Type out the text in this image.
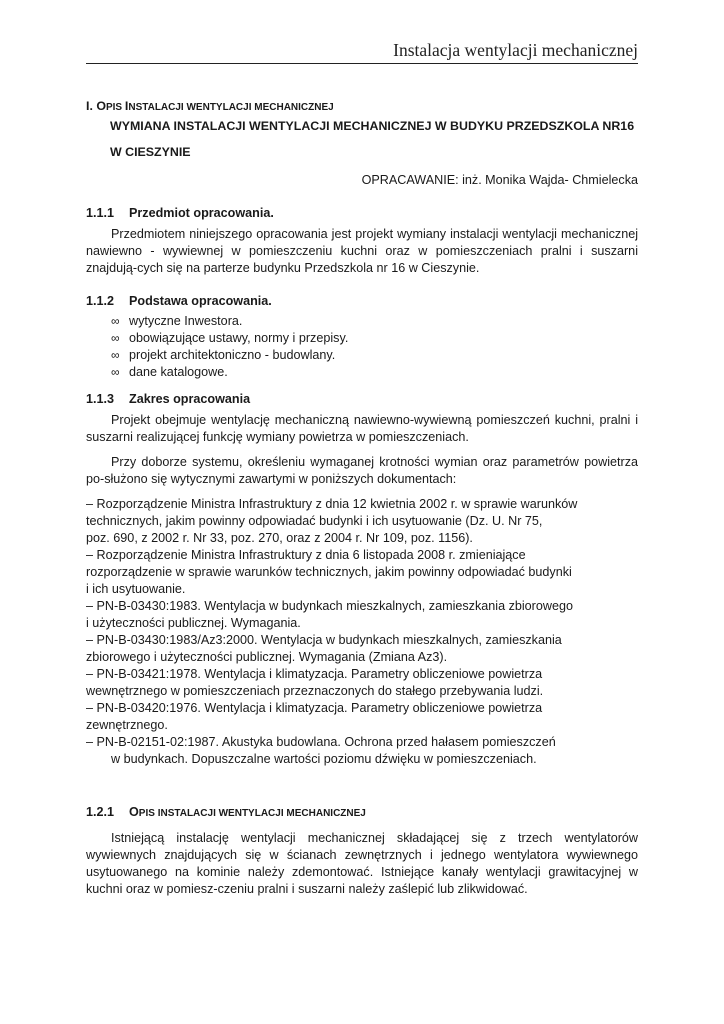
Instalacja wentylacji mechanicznej
I. OPIS INSTALACJI WENTYLACJI MECHANICZNEJ
WYMIANA INSTALACJI WENTYLACJI MECHANICZNEJ W BUDYKU PRZEDSZKOLA NR16
W CIESZYNIE
OPRACAWANIE: inż. Monika Wajda- Chmielecka
1.1.1	Przedmiot opracowania.

Przedmiotem niniejszego opracowania jest projekt wymiany instalacji wentylacji mechanicznej nawiewno - wywiewnej w pomieszczeniu kuchni oraz w pomieszczeniach pralni i suszarni znajdują-cych się na parterze budynku Przedszkola nr 16 w Cieszynie.

1.1.2	Podstawa opracowania.
∞ wytyczne Inwestora.
∞ obowiązujące ustawy, normy i przepisy.
∞ projekt architektoniczno - budowlany.
∞ dane katalogowe.
1.1.3	Zakres opracowania

Projekt obejmuje wentylację mechaniczną nawiewno-wywiewną pomieszczeń kuchni, pralni i suszarni realizującej funkcję wymiany powietrza w pomieszczeniach.

Przy doborze systemu, określeniu wymaganej krotności wymian oraz parametrów powietrza po-służono się wytycznymi zawartymi w poniższych dokumentach:

– Rozporządzenie Ministra Infrastruktury z dnia 12 kwietnia 2002 r. w sprawie warunków
technicznych, jakim powinny odpowiadać budynki i ich usytuowanie (Dz. U. Nr 75,
poz. 690, z 2002 r. Nr 33, poz. 270, oraz z 2004 r. Nr 109, poz. 1156).
– Rozporządzenie Ministra Infrastruktury z dnia 6 listopada 2008 r. zmieniające
rozporządzenie w sprawie warunków technicznych, jakim powinny odpowiadać budynki
i ich usytuowanie.
– PN-B-03430:1983. Wentylacja w budynkach mieszkalnych, zamieszkania zbiorowego
i użyteczności publicznej. Wymagania.
– PN-B-03430:1983/Az3:2000. Wentylacja w budynkach mieszkalnych, zamieszkania
zbiorowego i użyteczności publicznej. Wymagania (Zmiana Az3).
– PN-B-03421:1978. Wentylacja i klimatyzacja. Parametry obliczeniowe powietrza
wewnętrznego w pomieszczeniach przeznaczonych do stałego przebywania ludzi.
– PN-B-03420:1976. Wentylacja i klimatyzacja. Parametry obliczeniowe powietrza
zewnętrznego.
– PN-B-02151-02:1987. Akustyka budowlana. Ochrona przed hałasem pomieszczeń
w budynkach. Dopuszczalne wartości poziomu dźwięku w pomieszczeniach.
1.2.1	OPIS INSTALACJI WENTYLACJI MECHANICZNEJ

Istniejącą instalację wentylacji mechanicznej składającej się z trzech wentylatorów wywiewnych znajdujących się w ścianach zewnętrznych i jednego wentylatora wywiewnego usytuowanego na kominie należy zdemontować. Istniejące kanały wentylacji grawitacyjnej w kuchni oraz w pomiesz-czeniu pralni i suszarni należy zaślepić lub zlikwidować.
